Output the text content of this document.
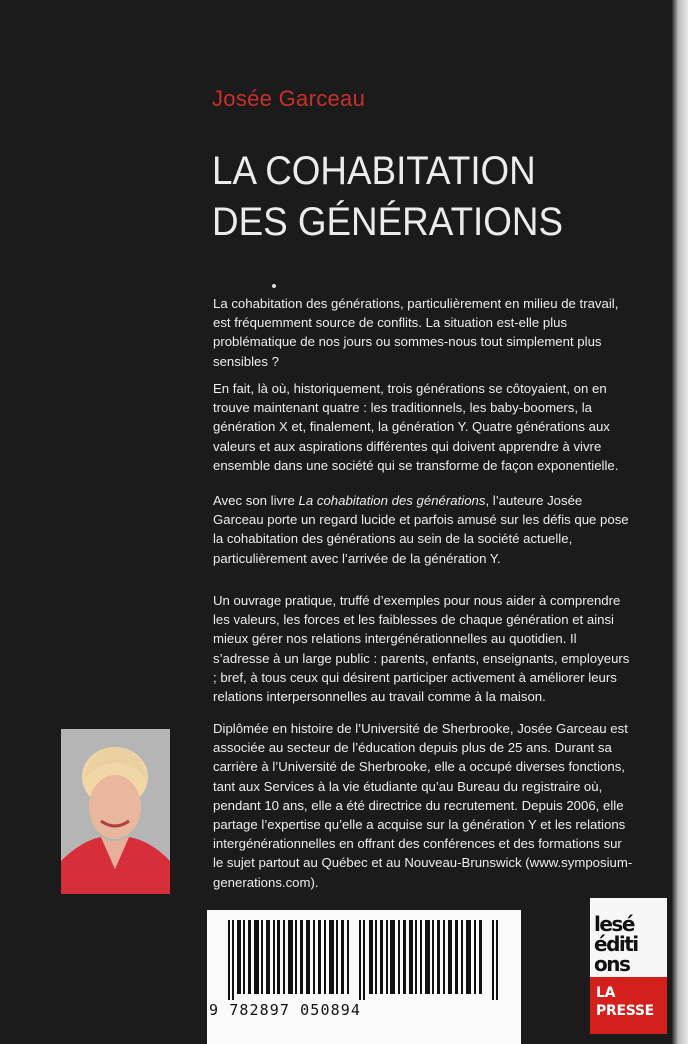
Josée Garceau
LA COHABITATION
DES GÉNÉRATIONS
La cohabitation des générations, particulièrement en milieu de travail, est fréquemment source de conflits. La situation est-elle plus problématique de nos jours ou sommes-nous tout simplement plus sensibles ?
En fait, là où, historiquement, trois générations se côtoyaient, on en trouve maintenant quatre : les traditionnels, les baby-boomers, la génération X et, finalement, la génération Y. Quatre générations aux valeurs et aux aspirations différentes qui doivent apprendre à vivre ensemble dans une société qui se transforme de façon exponentielle.
Avec son livre La cohabitation des générations, l’auteure Josée Garceau porte un regard lucide et parfois amusé sur les défis que pose la cohabitation des générations au sein de la société actuelle, particulièrement avec l’arrivée de la génération Y.
Un ouvrage pratique, truffé d’exemples pour nous aider à comprendre les valeurs, les forces et les faiblesses de chaque génération et ainsi mieux gérer nos relations intergénérationnelles au quotidien. Il s’adresse à un large public : parents, enfants, enseignants, employeurs ; bref, à tous ceux qui désirent participer activement à améliorer leurs relations interpersonnelles au travail comme à la maison.
Diplômée en histoire de l’Université de Sherbrooke, Josée Garceau est associée au secteur de l’éducation depuis plus de 25 ans. Durant sa carrière à l’Université de Sherbrooke, elle a occupé diverses fonctions, tant aux Services à la vie étudiante qu’au Bureau du registraire où, pendant 10 ans, elle a été directrice du recrutement. Depuis 2006, elle partage l’expertise qu’elle a acquise sur la génération Y et les relations intergénérationnelles en offrant des conférences et des formations sur le sujet partout au Québec et au Nouveau-Brunswick (www.symposium-generations.com).
9 782897 050894
lesé
éditi
ons
LA
PRESSE
